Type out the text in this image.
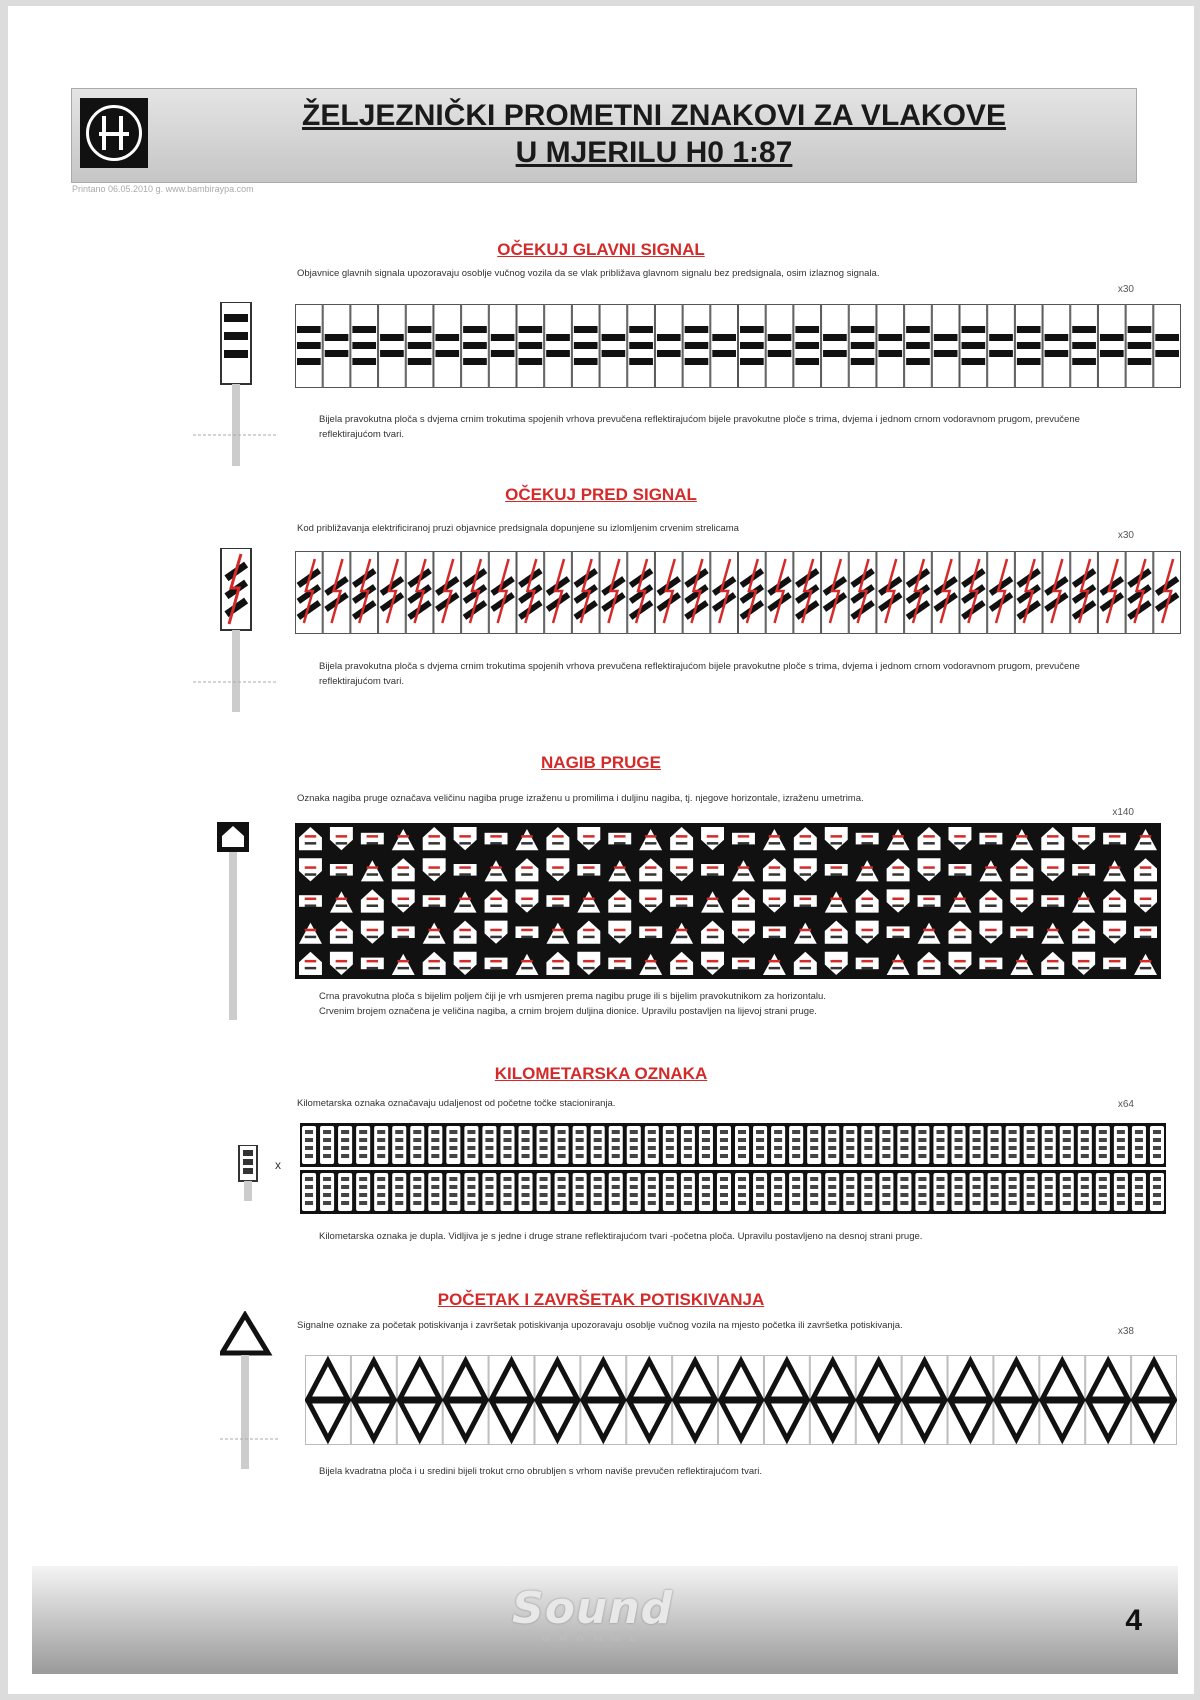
ŽELJEZNIČKI PROMETNI ZNAKOVI ZA VLAKOVE
U MJERILU H0 1:87
Printano 06.05.2010 g. www.bambiraypa.com
OČEKUJ GLAVNI SIGNAL
Objavnice glavnih signala upozoravaju osoblje vučnog vozila da se vlak približava glavnom signalu bez predsignala, osim izlaznog signala.
x30
Bijela pravokutna ploča s dvjema crnim trokutima spojenih vrhova prevučena reflektirajućom bijele pravokutne ploče s trima, dvjema i jednom crnom vodoravnom prugom, prevučene reflektirajućom tvari.
OČEKUJ PRED SIGNAL
Kod približavanja elektrificiranoj pruzi objavnice predsignala dopunjene su izlomljenim crvenim strelicama
x30
Bijela pravokutna ploča s dvjema crnim trokutima spojenih vrhova prevučena reflektirajućom bijele pravokutne ploče s trima, dvjema i jednom crnom vodoravnom prugom, prevučene reflektirajućom tvari.
NAGIB PRUGE
Oznaka nagiba pruge označava veličinu nagiba pruge izraženu u promilima i duljinu nagiba, tj. njegove horizontale, izraženu umetrima.
x140
Crna pravokutna ploča s bijelim poljem čiji je vrh usmjeren prema nagibu pruge ili s bijelim pravokutnikom za horizontalu.
Crvenim brojem označena je veličina nagiba, a crnim brojem duljina dionice. Upravilu postavljen na lijevoj strani pruge.
KILOMETARSKA OZNAKA
Kilometarska oznaka označavaju udaljenost od početne točke stacioniranja.	x64
x
Kilometarska oznaka je dupla. Vidljiva je s jedne i druge strane reflektirajućom tvari -početna ploča. Upravilu postavljeno na desnoj strani pruge.
POČETAK I ZAVRŠETAK POTISKIVANJA
Signalne oznake za početak potiskivanja i završetak potiskivanja upozoravaju osoblje vučnog vozila na mjesto početka ili završetka potiskivanja.
x38
Bijela kvadratna ploča i u sredini bijeli trokut crno obrubljen s vrhom naviše prevučen reflektirajućom tvari.
Sound
GARAGE	4
